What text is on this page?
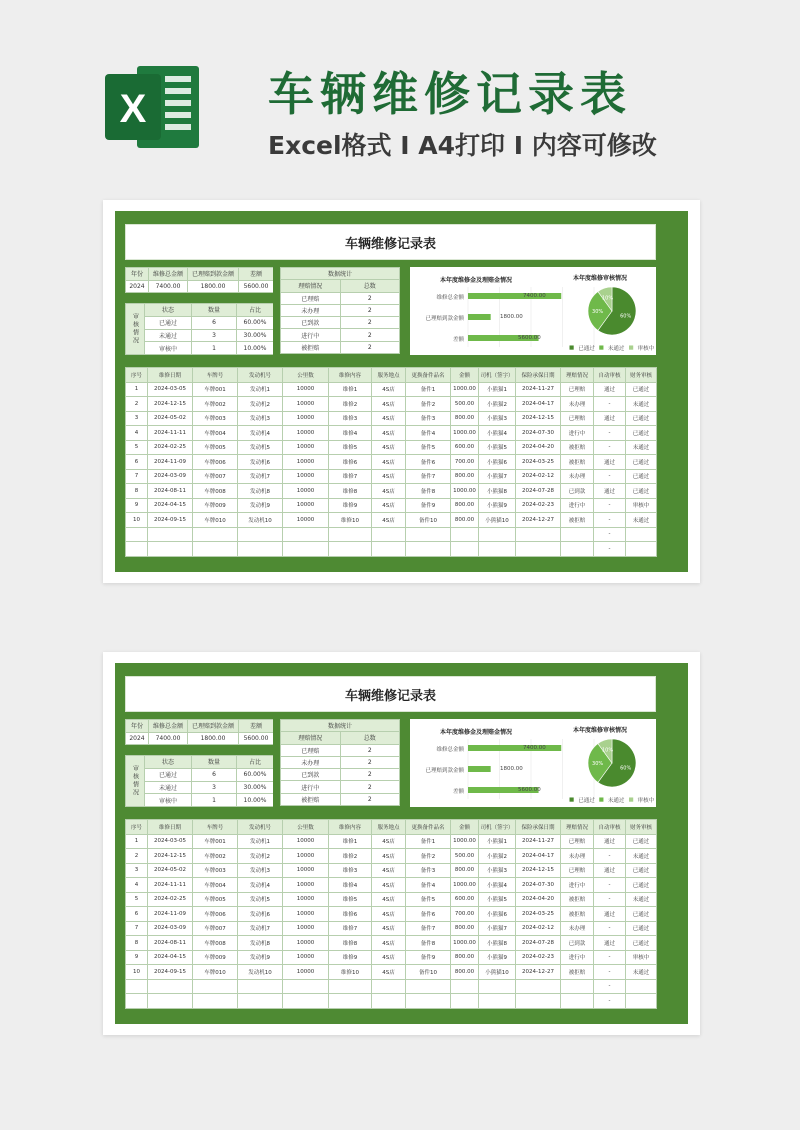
X	车辆维修记录表
Excel格式 I A4打印 I 内容可修改
车辆维修记录表
年份	维修总金额	已理赔到款金额	差额
2024	7400.00	1800.00	5600.00
审核情况
状态	数量	占比
已通过	6	60.00%
未通过	3	30.00%
审核中	1	10.00%
数据统计
理赔情况	总数
已理赔	2
未办理	2
已到款	2
进行中	2
被拒赔	2
本年度维修金及理赔金情况
维修总金额
已理赔到款金额
差额
7400.00
1800.00
5600.00
本年度维修审核情况
60%
30%
10%
■ 已通过 ■ 未通过 ■ 审核中
序号	维修日期	车牌号	发动机号	公里数	维修内容	服务地点	更换备件品名	金额	司机（签字）	保险承保日期	理赔情况	自动审核	财务审核
1	2024-03-05	车牌001	发动机1	10000	维修1	4S店	备件1	1000.00	小熊猫1	2024-11-27	已理赔	通过	已通过
2	2024-12-15	车牌002	发动机2	10000	维修2	4S店	备件2	500.00	小熊猫2	2024-04-17	未办理	-	未通过
3	2024-05-02	车牌003	发动机3	10000	维修3	4S店	备件3	800.00	小熊猫3	2024-12-15	已理赔	通过	已通过
4	2024-11-11	车牌004	发动机4	10000	维修4	4S店	备件4	1000.00	小熊猫4	2024-07-30	进行中	-	已通过
5	2024-02-25	车牌005	发动机5	10000	维修5	4S店	备件5	600.00	小熊猫5	2024-04-20	被拒赔	-	未通过
6	2024-11-09	车牌006	发动机6	10000	维修6	4S店	备件6	700.00	小熊猫6	2024-03-25	被拒赔	通过	已通过
7	2024-03-09	车牌007	发动机7	10000	维修7	4S店	备件7	800.00	小熊猫7	2024-02-12	未办理	-	已通过
8	2024-08-11	车牌008	发动机8	10000	维修8	4S店	备件8	1000.00	小熊猫8	2024-07-28	已到款	通过	已通过
9	2024-04-15	车牌009	发动机9	10000	维修9	4S店	备件9	800.00	小熊猫9	2024-02-23	进行中	-	审核中
10	2024-09-15	车牌010	发动机10	10000	维修10	4S店	备件10	800.00	小熊猫10	2024-12-27	被拒赔	-	未通过
												-	
												-	
车辆维修记录表
年份	维修总金额	已理赔到款金额	差额
2024	7400.00	1800.00	5600.00
审核情况
状态	数量	占比
已通过	6	60.00%
未通过	3	30.00%
审核中	1	10.00%
数据统计
理赔情况	总数
已理赔	2
未办理	2
已到款	2
进行中	2
被拒赔	2
本年度维修金及理赔金情况
维修总金额
已理赔到款金额
差额
7400.00
1800.00
5600.00
本年度维修审核情况
60%
30%
10%
■ 已通过 ■ 未通过 ■ 审核中
序号	维修日期	车牌号	发动机号	公里数	维修内容	服务地点	更换备件品名	金额	司机（签字）	保险承保日期	理赔情况	自动审核	财务审核
1	2024-03-05	车牌001	发动机1	10000	维修1	4S店	备件1	1000.00	小熊猫1	2024-11-27	已理赔	通过	已通过
2	2024-12-15	车牌002	发动机2	10000	维修2	4S店	备件2	500.00	小熊猫2	2024-04-17	未办理	-	未通过
3	2024-05-02	车牌003	发动机3	10000	维修3	4S店	备件3	800.00	小熊猫3	2024-12-15	已理赔	通过	已通过
4	2024-11-11	车牌004	发动机4	10000	维修4	4S店	备件4	1000.00	小熊猫4	2024-07-30	进行中	-	已通过
5	2024-02-25	车牌005	发动机5	10000	维修5	4S店	备件5	600.00	小熊猫5	2024-04-20	被拒赔	-	未通过
6	2024-11-09	车牌006	发动机6	10000	维修6	4S店	备件6	700.00	小熊猫6	2024-03-25	被拒赔	通过	已通过
7	2024-03-09	车牌007	发动机7	10000	维修7	4S店	备件7	800.00	小熊猫7	2024-02-12	未办理	-	已通过
8	2024-08-11	车牌008	发动机8	10000	维修8	4S店	备件8	1000.00	小熊猫8	2024-07-28	已到款	通过	已通过
9	2024-04-15	车牌009	发动机9	10000	维修9	4S店	备件9	800.00	小熊猫9	2024-02-23	进行中	-	审核中
10	2024-09-15	车牌010	发动机10	10000	维修10	4S店	备件10	800.00	小熊猫10	2024-12-27	被拒赔	-	未通过
												-	
												-	
